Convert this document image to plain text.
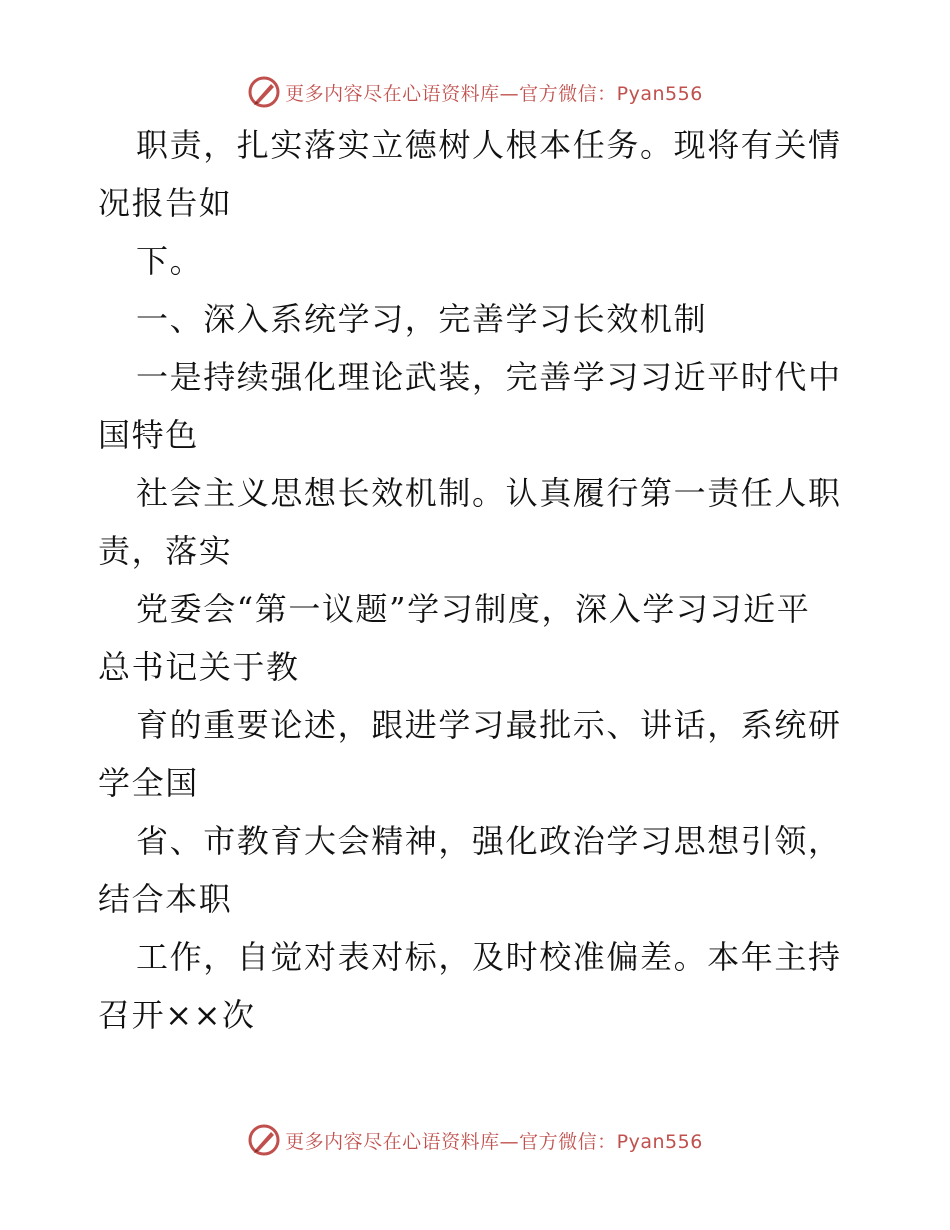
更多内容尽在心语资料库—官方微信：Pyan556
职责，扎实落实立德树人根本任务。现将有关情
况报告如
下。
一、深入系统学习，完善学习长效机制
一是持续强化理论武装，完善学习习近平时代中
国特色
社会主义思想长效机制。认真履行第一责任人职
责，落实
党委会“第一议题”学习制度，深入学习习近平
总书记关于教
育的重要论述，跟进学习最批示、讲话，系统研
学全国
省、市教育大会精神，强化政治学习思想引领，
结合本职
工作，自觉对表对标，及时校准偏差。本年主持
召开××次
更多内容尽在心语资料库—官方微信：Pyan556
